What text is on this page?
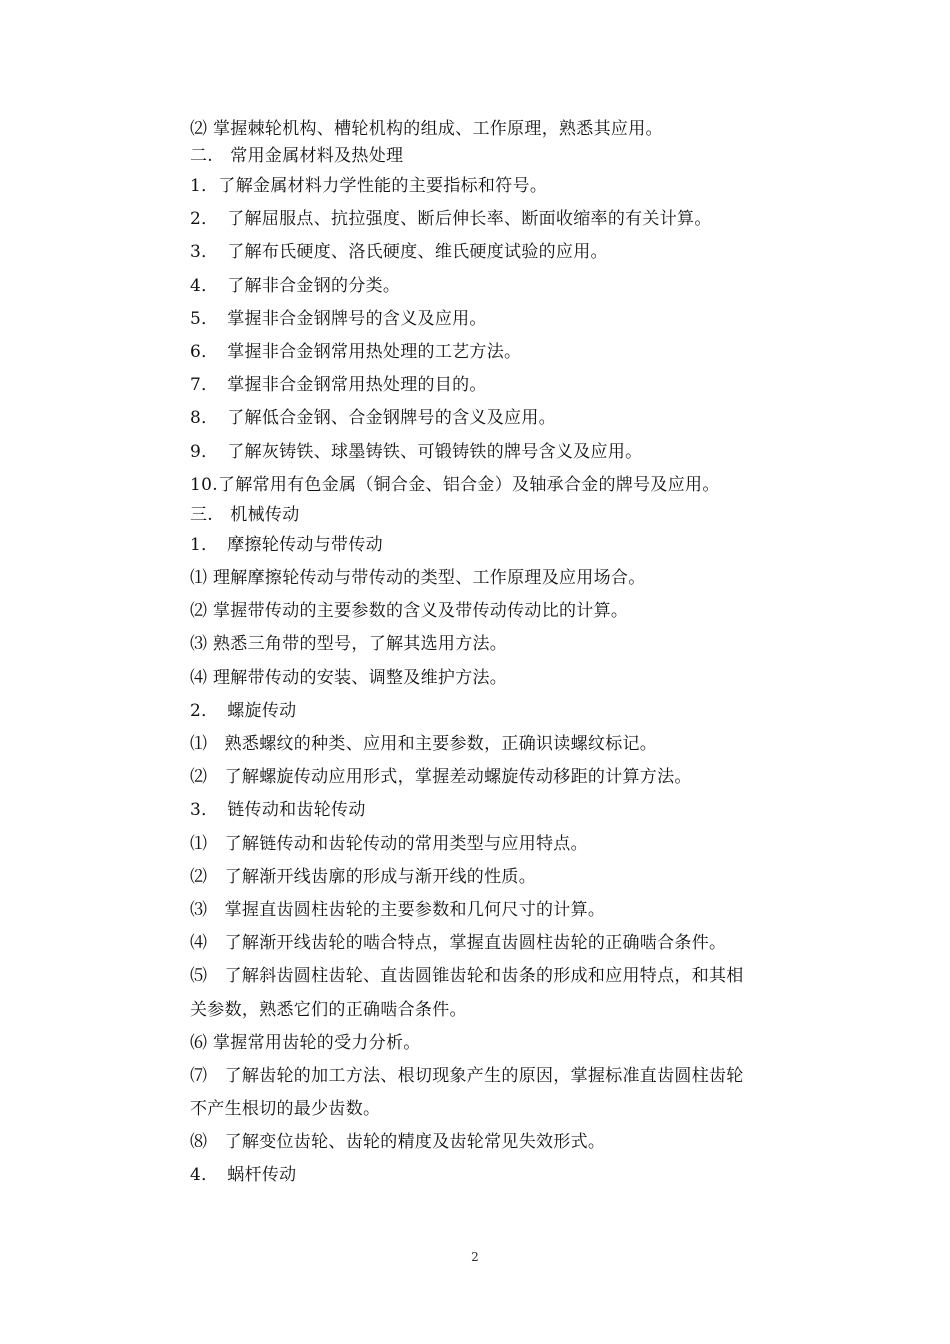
⑵ 掌握棘轮机构、槽轮机构的组成、工作原理，熟悉其应用。
二.　常用金属材料及热处理
1．了解金属材料力学性能的主要指标和符号。
2．　了解屈服点、抗拉强度、断后伸长率、断面收缩率的有关计算。
3．　了解布氏硬度、洛氏硬度、维氏硬度试验的应用。
4．　了解非合金钢的分类。
5．　掌握非合金钢牌号的含义及应用。
6．　掌握非合金钢常用热处理的工艺方法。
7．　掌握非合金钢常用热处理的目的。
8．　了解低合金钢、合金钢牌号的含义及应用。
9．　了解灰铸铁、球墨铸铁、可锻铸铁的牌号含义及应用。
10.了解常用有色金属（铜合金、铝合金）及轴承合金的牌号及应用。
三.　机械传动
1．　摩擦轮传动与带传动
⑴ 理解摩擦轮传动与带传动的类型、工作原理及应用场合。
⑵ 掌握带传动的主要参数的含义及带传动传动比的计算。
⑶ 熟悉三角带的型号，了解其选用方法。
⑷ 理解带传动的安装、调整及维护方法。
2．　螺旋传动
⑴　熟悉螺纹的种类、应用和主要参数，正确识读螺纹标记。
⑵　了解螺旋传动应用形式，掌握差动螺旋传动移距的计算方法。
3．　链传动和齿轮传动
⑴　了解链传动和齿轮传动的常用类型与应用特点。
⑵　了解渐开线齿廓的形成与渐开线的性质。
⑶　掌握直齿圆柱齿轮的主要参数和几何尺寸的计算。
⑷　了解渐开线齿轮的啮合特点，掌握直齿圆柱齿轮的正确啮合条件。
⑸　了解斜齿圆柱齿轮、直齿圆锥齿轮和齿条的形成和应用特点，和其相
关参数，熟悉它们的正确啮合条件。
⑹ 掌握常用齿轮的受力分析。
⑺　了解齿轮的加工方法、根切现象产生的原因，掌握标准直齿圆柱齿轮
不产生根切的最少齿数。
⑻　了解变位齿轮、齿轮的精度及齿轮常见失效形式。
4．　蜗杆传动
2
